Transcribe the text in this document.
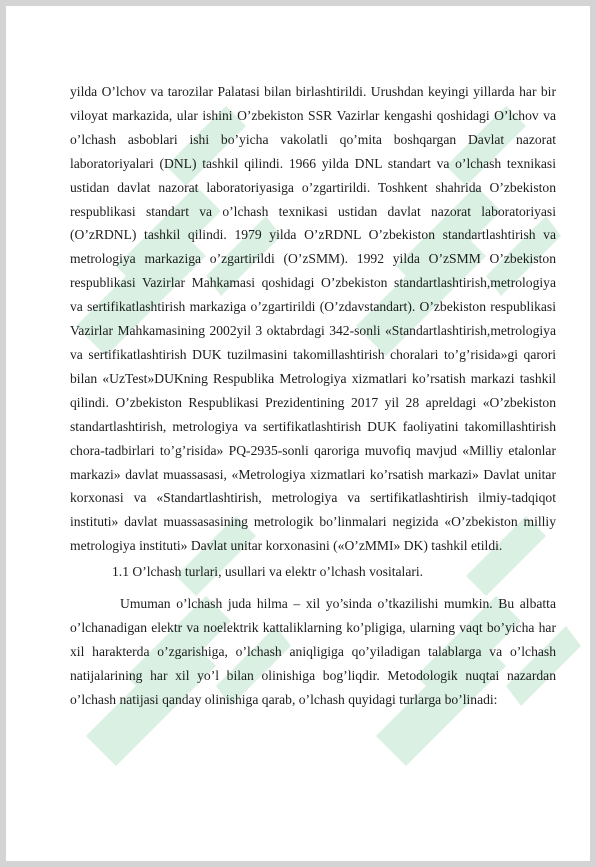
yilda O’lchov va tarozilar Palatasi bilan birlashtirildi. Urushdan keyingi yillarda har bir viloyat markazida, ular ishini O’zbekiston SSR Vazirlar kengashi qoshidagi O’lchov va o’lchash asboblari ishi bo’yicha vakolatli qo’mita boshqargan Davlat nazorat laboratoriyalari (DNL) tashkil qilindi. 1966 yilda DNL standart va o’lchash texnikasi ustidan davlat nazorat laboratoriyasiga o’zgartirildi. Toshkent shahrida O’zbekiston respublikasi standart va o’lchash texnikasi ustidan davlat nazorat laboratoriyasi (O’zRDNL) tashkil qilindi. 1979 yilda O’zRDNL O’zbekiston standartlashtirish va metrologiya markaziga o’zgartirildi (O’zSMM). 1992 yilda O’zSMM O’zbekiston respublikasi Vazirlar Mahkamasi qoshidagi O’zbekiston standartlashtirish,metrologiya va sertifikatlashtirish markaziga o’zgartirildi (O’zdavstandart). O’zbekiston respublikasi Vazirlar Mahkamasining 2002yil 3 oktabrdagi 342-sonli «Standartlashtirish,metrologiya va sertifikatlashtirish DUK tuzilmasini takomillashtirish choralari to’g’risida»gi qarori bilan «UzTest»DUKning Respublika Metrologiya xizmatlari ko’rsatish markazi tashkil qilindi. O’zbekiston Respublikasi Prezidentining 2017 yil 28 apreldagi «O’zbekiston standartlashtirish, metrologiya va sertifikatlashtirish DUK faoliyatini takomillashtirish chora-tadbirlari to’g’risida» PQ-2935-sonli qaroriga muvofiq mavjud «Milliy etalonlar markazi» davlat muassasasi, «Metrologiya xizmatlari ko’rsatish markazi» Davlat unitar korxonasi va «Standartlashtirish, metrologiya va sertifikatlashtirish ilmiy-tadqiqot instituti» davlat muassasasining metrologik bo’linmalari negizida «O’zbekiston milliy metrologiya instituti» Davlat unitar korxonasini («O’zMMI» DK) tashkil etildi.

1.1 O’lchash turlari, usullari va elektr o’lchash vositalari.

Umuman o’lchash juda hilma – xil yo’sinda o’tkazilishi mumkin. Bu albatta o’lchanadigan elektr va noelektrik kattaliklarning ko’pligiga, ularning vaqt bo’yicha har xil harakterda o’zgarishiga, o’lchash aniqligiga qo’yiladigan talablarga va o’lchash natijalarining har xil yo’l bilan olinishiga bog’liqdir. Metodologik nuqtai nazardan o’lchash natijasi qanday olinishiga qarab, o’lchash quyidagi turlarga bo’linadi:
